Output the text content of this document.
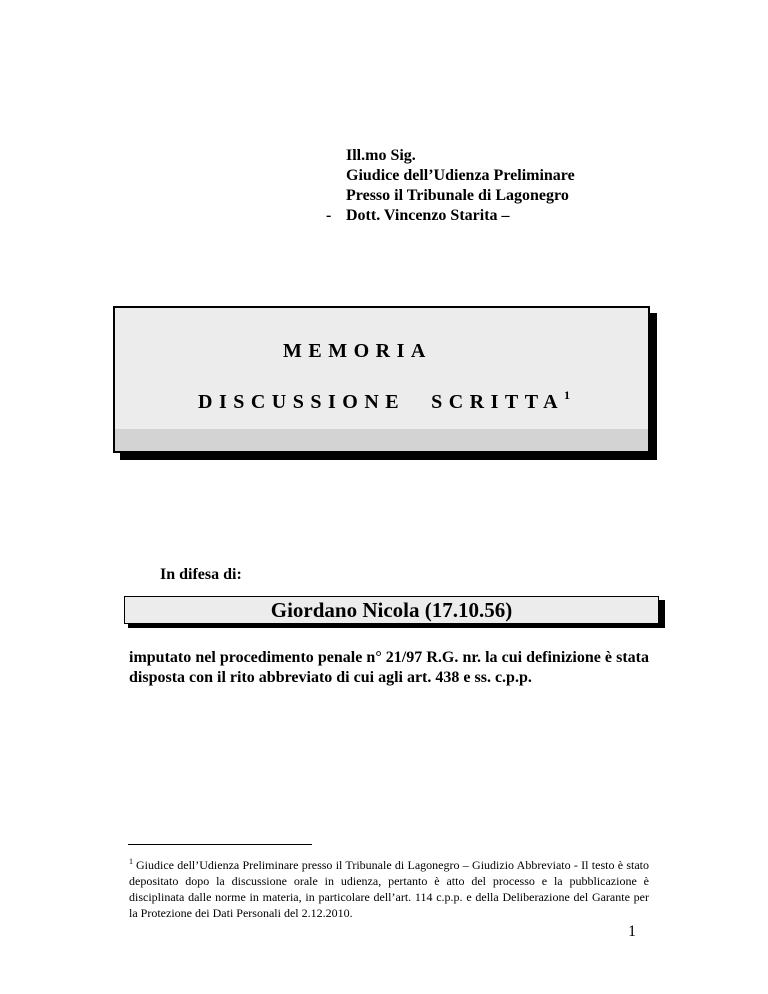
Ill.mo Sig.
Giudice dell’Udienza Preliminare
Presso il Tribunale di Lagonegro
Dott. Vincenzo Starita –
-
MEMORIA
DISCUSSIONE SCRITTA$^1$
In difesa di:
Giordano Nicola (17.10.56)
imputato nel procedimento penale n° 21/97 R.G. nr. la cui definizione è stata disposta con il rito abbreviato di cui agli art. 438 e ss. c.p.p.
$^1$ Giudice dell’Udienza Preliminare presso il Tribunale di Lagonegro – Giudizio Abbreviato - Il testo è stato depositato dopo la discussione orale in udienza, pertanto è atto del processo e la pubblicazione è disciplinata dalle norme in materia, in particolare dell’art. 114 c.p.p. e della Deliberazione del Garante per la Protezione dei Dati Personali del 2.12.2010.
1
